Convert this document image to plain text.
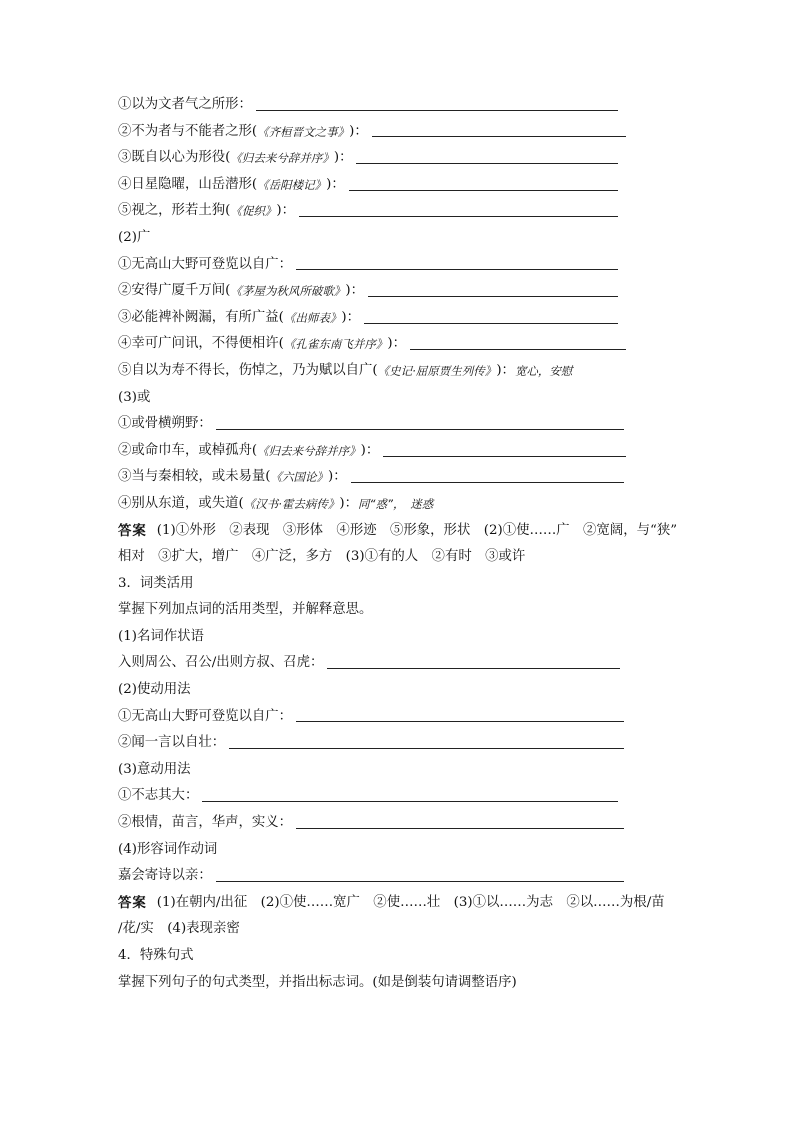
①以为文者气之所形：
②不为者与不能者之形( 《齐桓晋文之事》 )：
③既自以心为形役( 《归去来兮辞并序》 )：
④日星隐曜，山岳潜形( 《岳阳楼记》 )：
⑤视之，形若土狗( 《促织》 )：
(2)广
①无高山大野可登览以自广：
②安得广厦千万间( 《茅屋为秋风所破歌》 )：
③必能裨补阙漏，有所广益( 《出师表》 )：
④幸可广问讯，不得便相许( 《孔雀东南飞并序》 )：
⑤自以为寿不得长，伤悼之，乃为赋以自广( 《史记·屈原贾生列传》 )： 宽心，安慰
(3)或
①或骨横朔野：
②或命巾车，或棹孤舟( 《归去来兮辞并序》 )：
③当与秦相较，或未易量( 《六国论》 )：
④别从东道，或失道( 《汉书·霍去病传》 )： 同“惑”，　迷惑
答案 (1)①外形　②表现　③形体　④形迹　⑤形象，形状　(2)①使……广　②宽阔，与“狭”
相对　③扩大，增广　④广泛，多方　(3)①有的人　②有时　③或许
3．词类活用
掌握下列加点词的活用类型，并解释意思。
(1)名词作状语
入则周公、召公/出则方叔、召虎：
(2)使动用法
①无高山大野可登览以自广：
②闻一言以自壮：
(3)意动用法
①不志其大：
②根情，苗言，华声，实义：
(4)形容词作动词
嘉会寄诗以亲：
答案 (1)在朝内/出征　(2)①使……宽广　②使……壮　(3)①以……为志　②以……为根/苗
/花/实　(4)表现亲密
4．特殊句式
掌握下列句子的句式类型，并指出标志词。(如是倒装句请调整语序)
